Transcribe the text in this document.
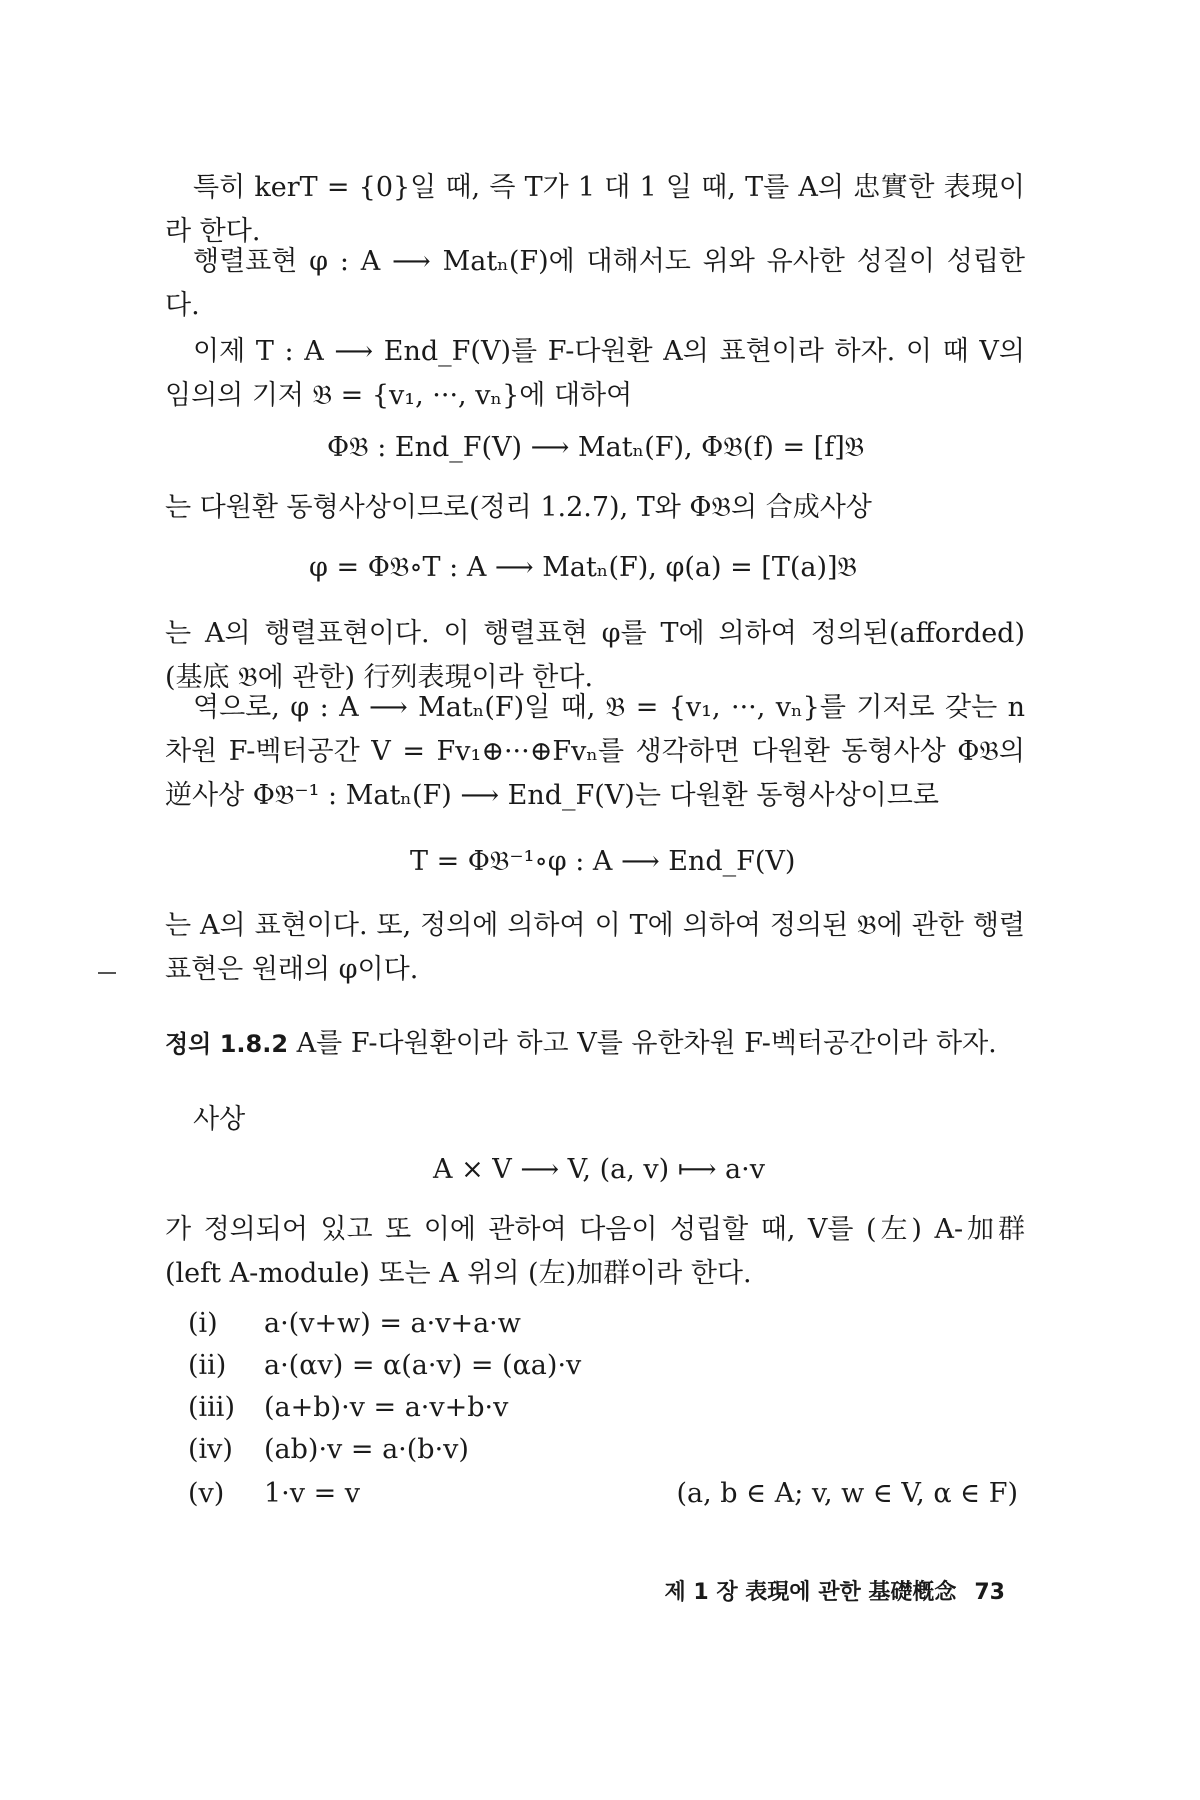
특히 kerT = {0}일 때, 즉 T가 1 대 1 일 때, T를 A의 忠實한 表現이라 한다.

행렬표현 φ : A ⟶ Matₙ(F)에 대해서도 위와 유사한 성질이 성립한다.

이제 T : A ⟶ End_F(V)를 F-다원환 A의 표현이라 하자. 이 때 V의 임의의 기저 𝔅 = {v₁, ···, vₙ}에 대하여

Φ𝔅 : End_F(V) ⟶ Matₙ(F), Φ𝔅(f) = [f]𝔅

는 다원환 동형사상이므로(정리 1.2.7), T와 Φ𝔅의 合成사상

φ = Φ𝔅∘T : A ⟶ Matₙ(F), φ(a) = [T(a)]𝔅

는 A의 행렬표현이다. 이 행렬표현 φ를 T에 의하여 정의된(afforded) (基底 𝔅에 관한) 行列表現이라 한다.

역으로, φ : A ⟶ Matₙ(F)일 때, 𝔅 = {v₁, ···, vₙ}를 기저로 갖는 n차원 F-벡터공간 V = Fv₁⊕···⊕Fvₙ를 생각하면 다원환 동형사상 Φ𝔅의 逆사상 Φ𝔅⁻¹ : Matₙ(F) ⟶ End_F(V)는 다원환 동형사상이므로

T = Φ𝔅⁻¹∘φ : A ⟶ End_F(V)

는 A의 표현이다. 또, 정의에 의하여 이 T에 의하여 정의된 𝔅에 관한 행렬표현은 원래의 φ이다.

정의 1.8.2 A를 F-다원환이라 하고 V를 유한차원 F-벡터공간이라 하자.

사상

A × V ⟶ V, (a, v) ⟼ a·v

가 정의되어 있고 또 이에 관하여 다음이 성립할 때, V를 (左) A-加群 (left A-module) 또는 A 위의 (左)加群이라 한다.

(i) a·(v+w) = a·v+a·w
(ii) a·(αv) = α(a·v) = (αa)·v
(iii) (a+b)·v = a·v+b·v
(iv) (ab)·v = a·(b·v)
(v) 1·v = v	(a, b ∈ A; v, w ∈ V, α ∈ F)
제 1 장 表現에 관한 基礎槪念 73
